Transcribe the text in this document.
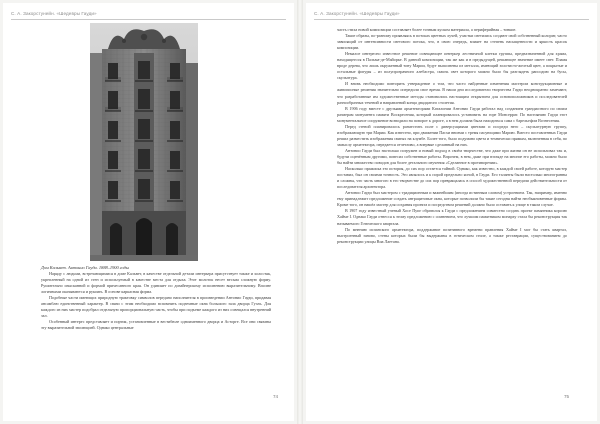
С. А. Закорстунейн. «Шедевры Гауди»
Дом Кальвет. Антонио Гауди. 1888–1900 годы

Наряду с людьми, встречающимися в доме Кальвет, в качестве отдельной детали интерьера присутствует также и холостяк, укрепленный на одной из стен и используемый в качестве места для отдыха. Этот молоток несет весьма сложную форму. Рушительно изысканной и формой причесанного края. Он удивляет по дизайнерскому исполнению выразительному. Вполне логичными оказываются и рукоять. В основе каркасная форма.

Подобные части имеющих природную трактовку символов передано наполнителя в произведении Антонио Гауди, придавая ансамблю единственный характер. В связи с этим необходимо вспомнить подземные окна большого зала дворца Гуэль. Для каждого из них мастер подобрал отдельную пропорциональную часть, чтобы при подъеме каждого из них освещался внутренний зал.

Особенный интерес представляет и портик, установленные в вестибюле одноименного дворца и Асторге. Все они связаны эту выразительной эволюцией. Однако центральные

74
С. А. Закорстунейн. «Шедевры Гауди»

часть стиха новой композиции составляет более точным куском материала, а периферийная – тонкие.

Такие образы, по-разному проявляясь в потоках цветных лучей, участки светились создают свой собственный колорит, часто зависящий от интенсивности светового потока, что, в свою очередь, влияет на степень насыщенности и яркость красок композиции.

Немалое интересно известное решение освещающее интерьер лестничной клетки группы, предназначенной для храма, находящегося в Пальма-де-Майорке. В данной композиции, так же как и в предыдущей, решающее значение имеет свет. Пламя вроде дерева, что лишь окруженный тону Марии, будут выполнены из металла, имеющий золотисто-желтый цвет, а покрытые и остальные фигуры – из полупрозрачного алебастра, сквозь свет которого можно было бы разглядеть рапсодию на бусы, скульптура.

И вновь необходимо повторить утверждение о том, что часто найденные изменения мастером конструкционные и живописные решения значительно опередили свое время. В наши дни исследователи творчества Гауди неоднократно замечают, что разработанные им художественные методы становились настоящим открытием для основоположников и последователей разнообразных течений и направлений конца двадцатого столетия.

В 1906 году вместе с друзьями архитекторами Каталонии Антонио Гауди работал над созданием грандиозного по своим размерам монумента памяти Воскресения, который планировалось установить на горе Монсеррат. По настоянию Гауди этот монументальное сооружение возводили на поворот к дороге, а в нем должна была находиться сама с барельефом Вознесения.

Перед стеной планировалось разместить поле с диверсуациями цветами и посреди него – скульптурную группу, изображающую три Марии. Как известно, при движении Пасхи внизми с тремя пасующими Марию. Вместо поставленных Гауди решил разместить изображения святых на клумбе. Более того, было подумано цвета и технически прямым, включенная в себя, по замыслу архитектора, передается отчетливо, а впервые сделанный на них.

Антонио Гауди был настолько погружен и новый подход в своём творчестве, что даже при жизни он не использовал так и, будучи оценённым другими, повесил собственные работы. Впрочем, в нем, даже при взгляде на многие его работы, можно было бы найти множество поводов для более детального изучения «Сделанное в противоречии».

Насколько пражиска это история, до сих пор остается тайной. Однако, как известно, в каждой своей работе, которую мастер поставил, был он своими точность. Это являлось и к порой предельно ясной, в Гауди. Его таланты были настолько многогранны и сложны, что часть многого в его творчестве до сих пор превращалась в способ художественной передачи действительности от последователя архитектора.

Антонио Гауди был мастером с традиционным и важнейшим (иногда истинным словом) устроением. Так, например, именно ему принадлежит предложение создать антрацитовые окна, которые позволили бы такие сегодня найти необыкновенные формы. Кроме того, он нашёл мастер для создания проекта и посредством решений должно было оставить к улице в таком случае.

В 1907 году известный ученый Хосе Пуиг обратился к Гауди с предложением совместно создать проект памятника королю Хайме I. Однако Гауди отнесся к этому предложению с сомнением, что лучшим памятником монарху стала бы реконструкция так называемого Готического квартала.

По мнению испанского архитектора, поддержание позитивного времени правления Хайме I мог бы стать квартал, выстроенный заново, стены которых были бы выдержаны в готическом стиле, а также реставрации, существованием до реконструкции улицы Виа Лаетана.

75
